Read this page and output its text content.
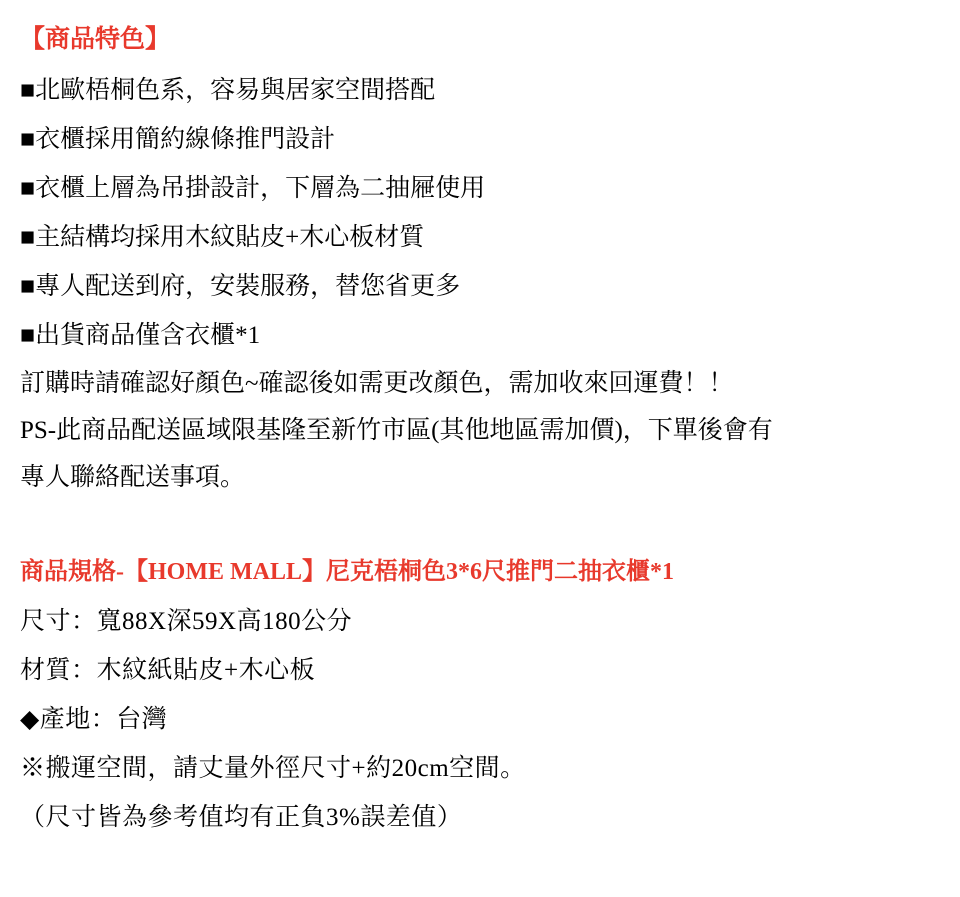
【商品特色】
■北歐梧桐色系，容易與居家空間搭配
■衣櫃採用簡約線條推門設計
■衣櫃上層為吊掛設計，下層為二抽屜使用
■主結構均採用木紋貼皮+木心板材質
■專人配送到府，安裝服務，替您省更多
■出貨商品僅含衣櫃*1
訂購時請確認好顏色~確認後如需更改顏色，需加收來回運費！！
PS-此商品配送區域限基隆至新竹市區(其他地區需加價)，下單後會有
專人聯絡配送事項。
商品規格-【HOME MALL】尼克梧桐色3*6尺推門二抽衣櫃*1
尺寸：寬88X深59X高180公分
材質：木紋紙貼皮+木心板
◆產地：台灣
※搬運空間，請丈量外徑尺寸+約20cm空間。
（尺寸皆為參考值均有正負3%誤差值）
